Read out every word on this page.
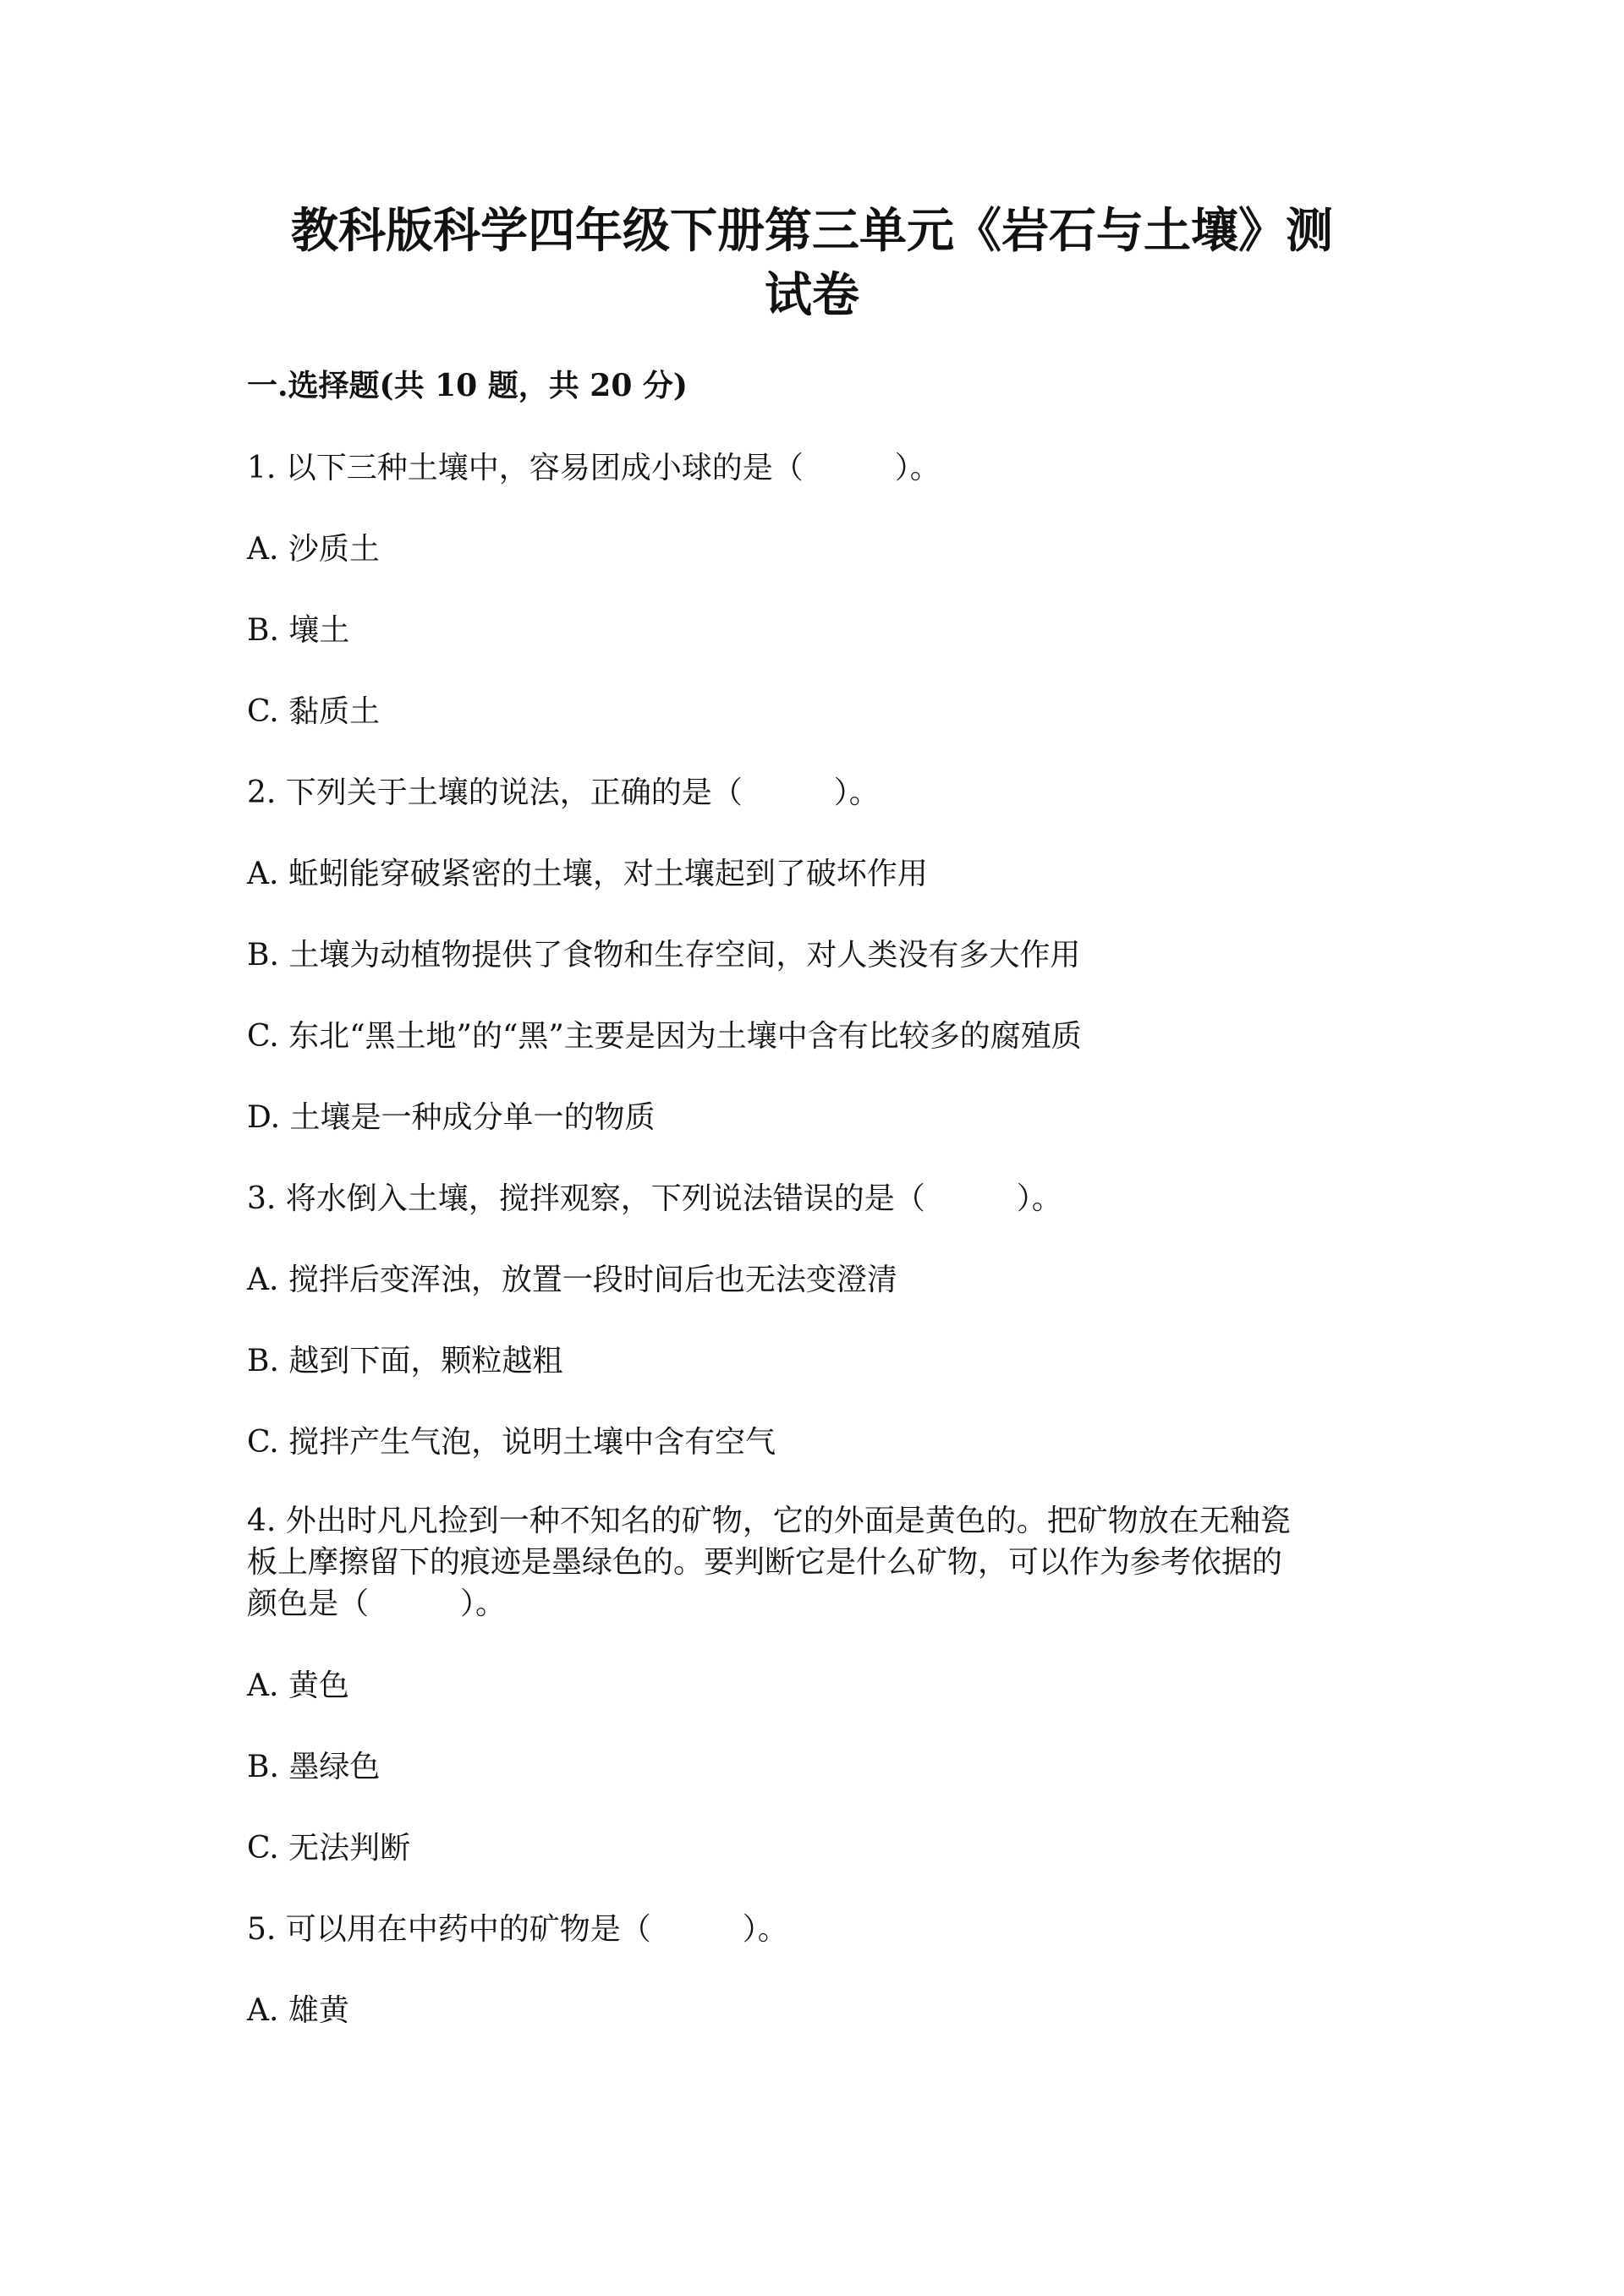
教科版科学四年级下册第三单元《岩石与土壤》测
试卷
一.选择题(共 10 题，共 20 分)
1. 以下三种土壤中，容易团成小球的是（　　　）。
A. 沙质土
B. 壤土
C. 黏质土
2. 下列关于土壤的说法，正确的是（　　　）。
A. 蚯蚓能穿破紧密的土壤，对土壤起到了破坏作用
B. 土壤为动植物提供了食物和生存空间，对人类没有多大作用
C. 东北“黑土地”的“黑”主要是因为土壤中含有比较多的腐殖质
D. 土壤是一种成分单一的物质
3. 将水倒入土壤，搅拌观察，下列说法错误的是（　　　）。
A. 搅拌后变浑浊，放置一段时间后也无法变澄清
B. 越到下面，颗粒越粗
C. 搅拌产生气泡，说明土壤中含有空气
4. 外出时凡凡捡到一种不知名的矿物，它的外面是黄色的。把矿物放在无釉瓷
板上摩擦留下的痕迹是墨绿色的。要判断它是什么矿物，可以作为参考依据的
颜色是（　　　）。
A. 黄色
B. 墨绿色
C. 无法判断
5. 可以用在中药中的矿物是（　　　）。
A. 雄黄
